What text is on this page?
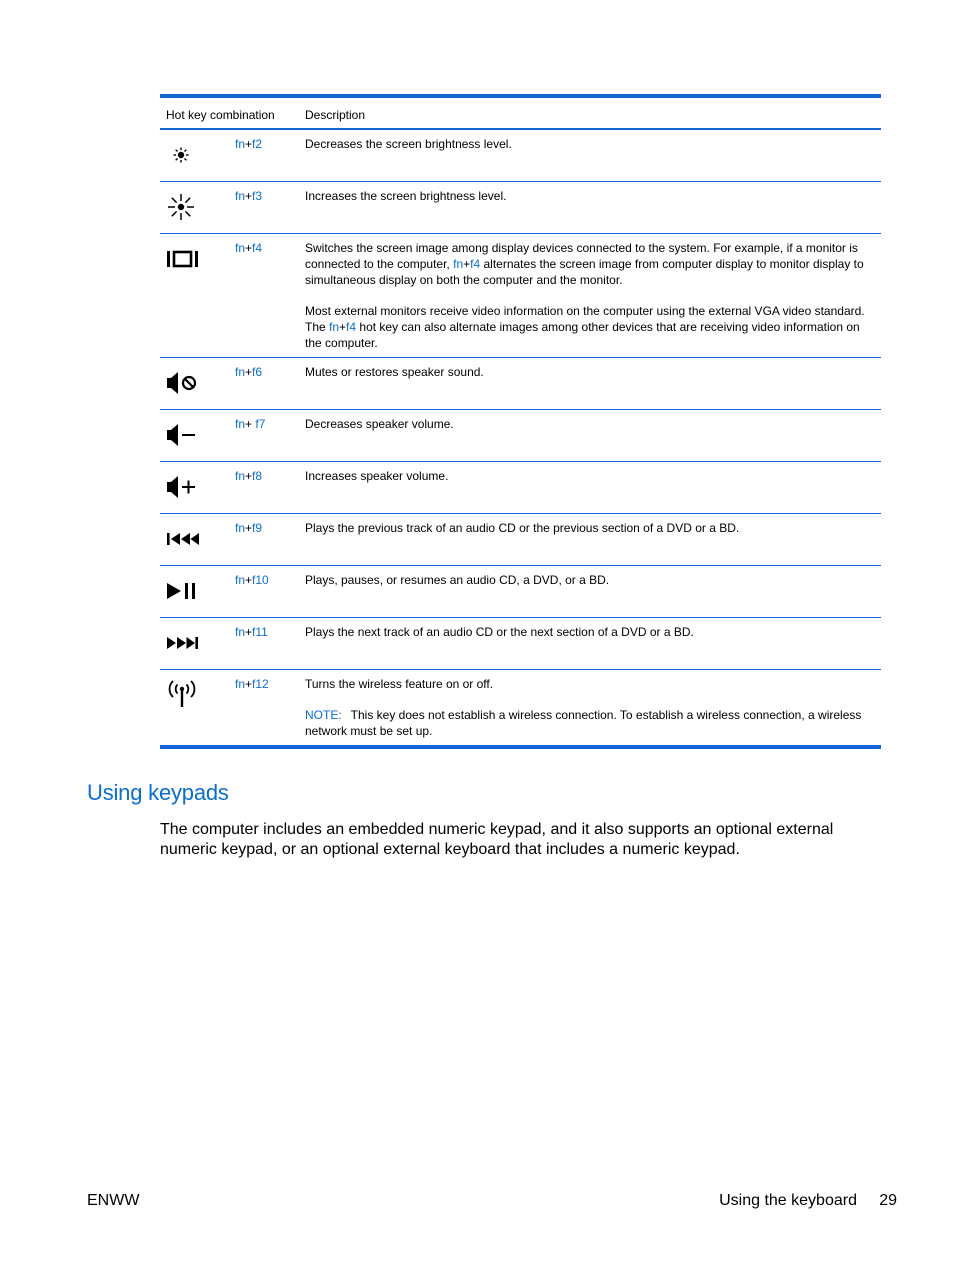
Hot key combination	Description
fn+f2	Decreases the screen brightness level.

fn+f3	Increases the screen brightness level.

fn+f4	Switches the screen image among display devices connected to the system. For example, if a monitor is connected to the computer, fn+f4 alternates the screen image from computer display to monitor display to simultaneous display on both the computer and the monitor.

Most external monitors receive video information on the computer using the external VGA video standard. The fn+f4 hot key can also alternate images among other devices that are receiving video information on the computer.

fn+f6	Mutes or restores speaker sound.

fn+ f7	Decreases speaker volume.

fn+f8	Increases speaker volume.

fn+f9	Plays the previous track of an audio CD or the previous section of a DVD or a BD.

fn+f10	Plays, pauses, or resumes an audio CD, a DVD, or a BD.

fn+f11	Plays the next track of an audio CD or the next section of a DVD or a BD.

fn+f12	Turns the wireless feature on or off.

NOTE: This key does not establish a wireless connection. To establish a wireless connection, a wireless network must be set up.

Using keypads

The computer includes an embedded numeric keypad, and it also supports an optional external numeric keypad, or an optional external keyboard that includes a numeric keypad.

ENWW	Using the keyboard 29
